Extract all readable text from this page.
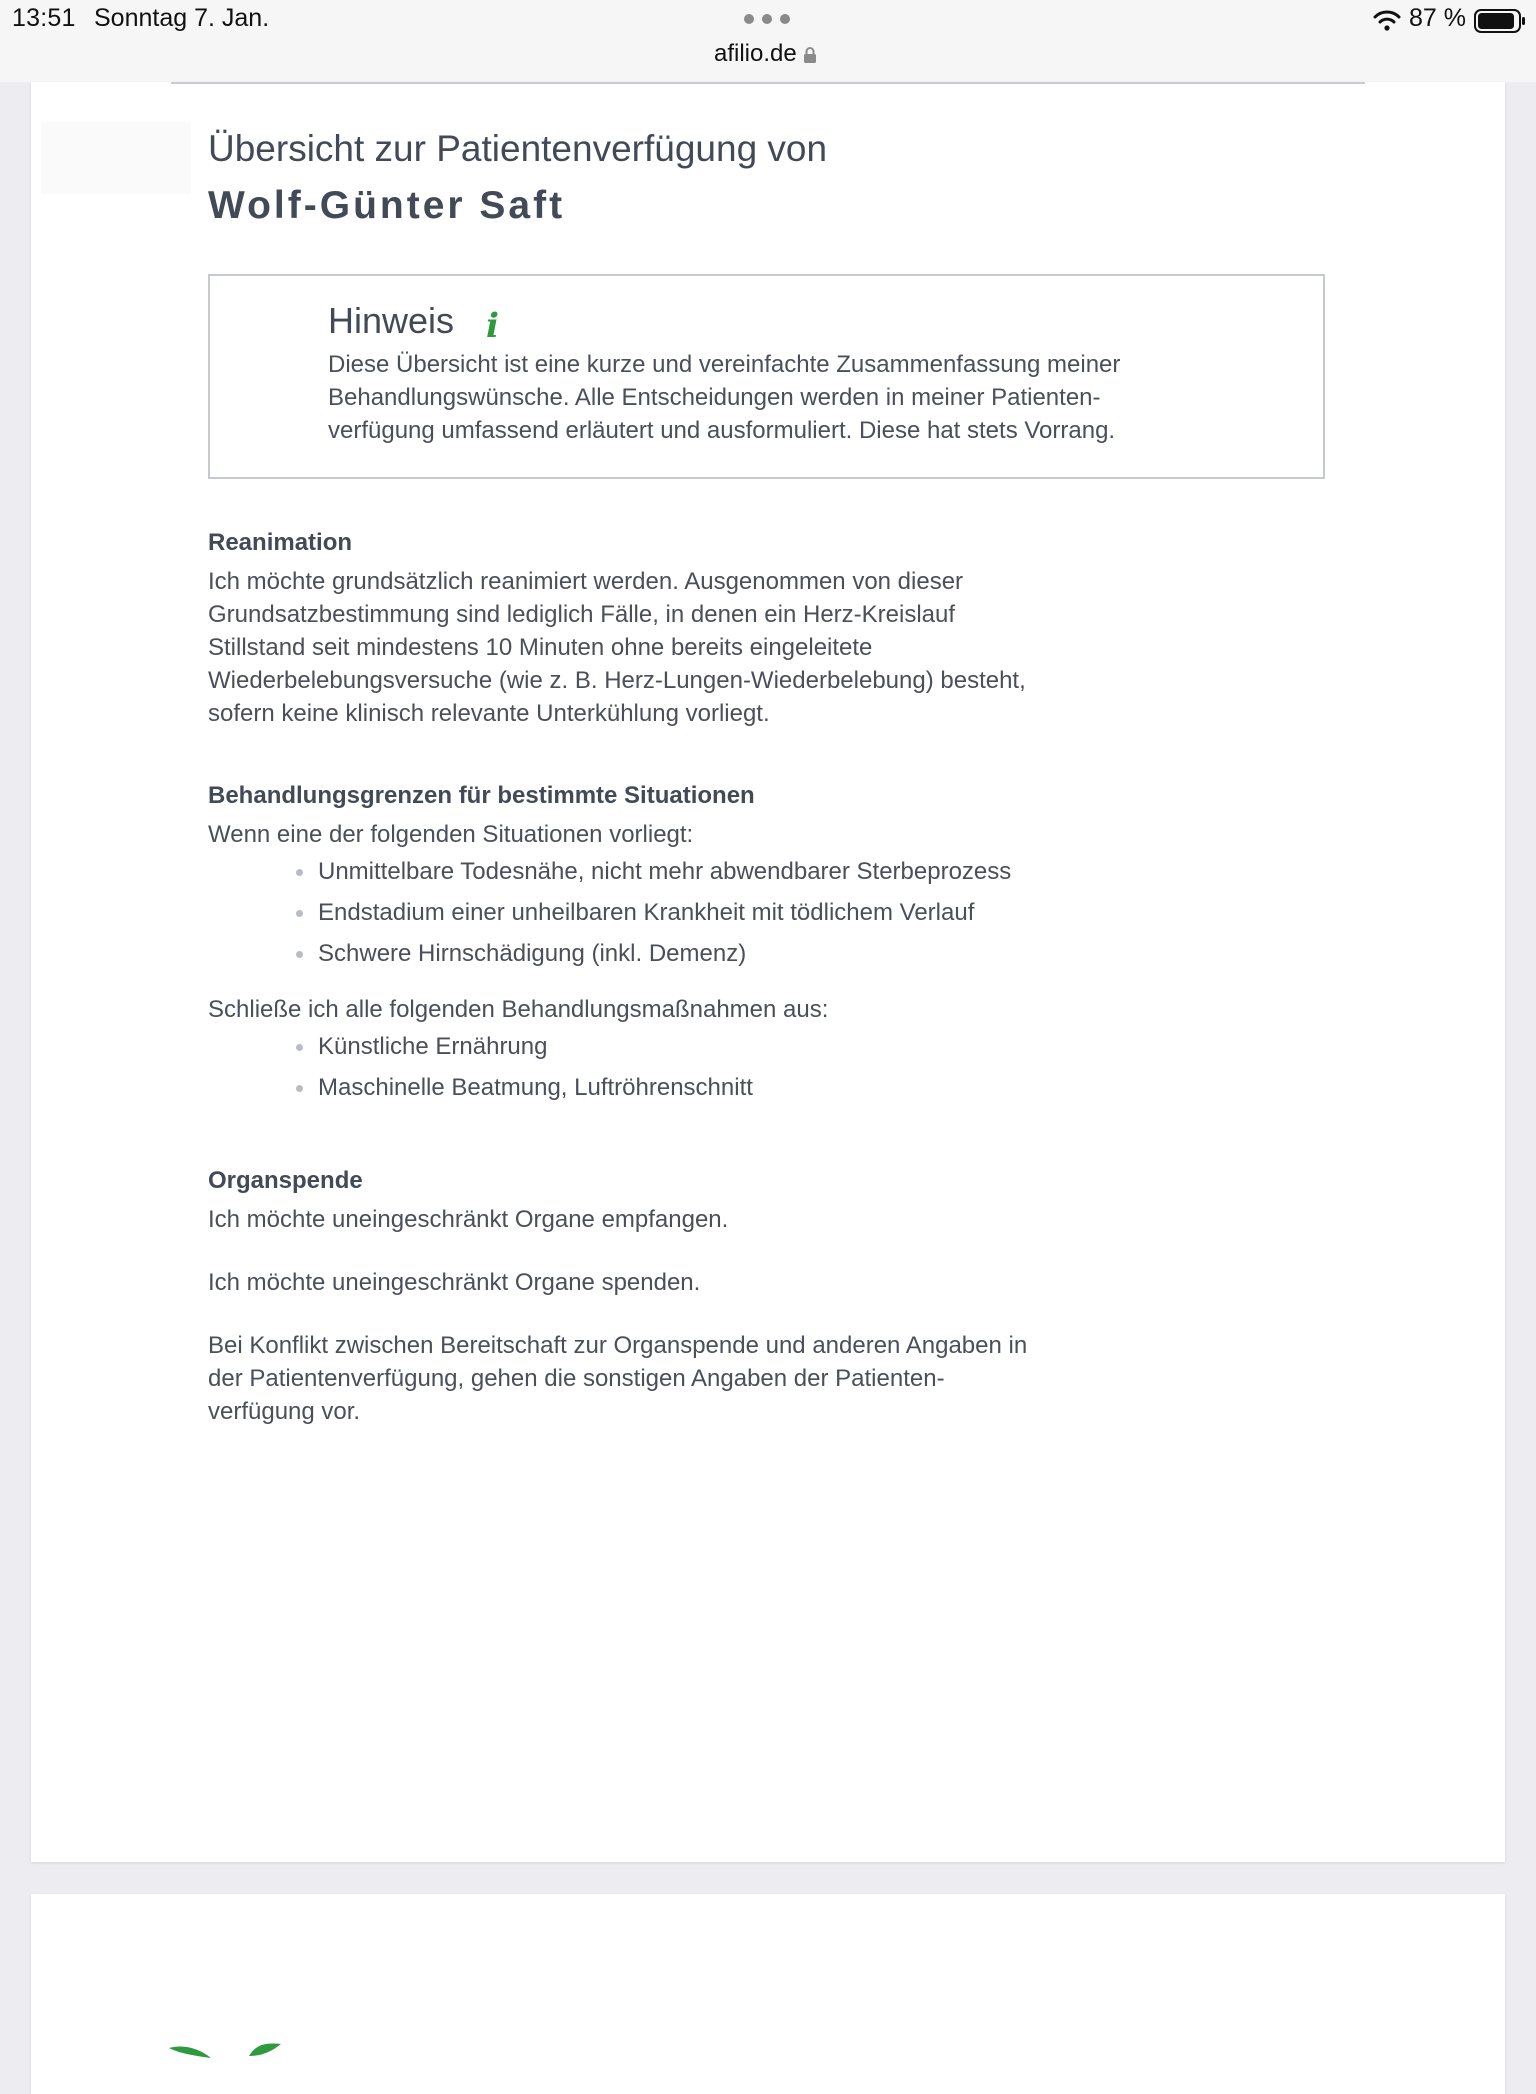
13:51 Sonntag 7. Jan.
afilio.de
87 %
Übersicht zur Patientenverfügung von
Wolf-Günter Saft
Hinweis i
Diese Übersicht ist eine kurze und vereinfachte Zusammenfassung meiner
Behandlungswünsche. Alle Entscheidungen werden in meiner Patienten-
verfügung umfassend erläutert und ausformuliert. Diese hat stets Vorrang.
Reanimation
Ich möchte grundsätzlich reanimiert werden. Ausgenommen von dieser
Grundsatzbestimmung sind lediglich Fälle, in denen ein Herz-Kreislauf
Stillstand seit mindestens 10 Minuten ohne bereits eingeleitete
Wiederbelebungsversuche (wie z. B. Herz-Lungen-Wiederbelebung) besteht,
sofern keine klinisch relevante Unterkühlung vorliegt.
Behandlungsgrenzen für bestimmte Situationen
Wenn eine der folgenden Situationen vorliegt:
Unmittelbare Todesnähe, nicht mehr abwendbarer Sterbeprozess
Endstadium einer unheilbaren Krankheit mit tödlichem Verlauf
Schwere Hirnschädigung (inkl. Demenz)
Schließe ich alle folgenden Behandlungsmaßnahmen aus:
Künstliche Ernährung
Maschinelle Beatmung, Luftröhrenschnitt
Organspende
Ich möchte uneingeschränkt Organe empfangen.
Ich möchte uneingeschränkt Organe spenden.
Bei Konflikt zwischen Bereitschaft zur Organspende und anderen Angaben in
der Patientenverfügung, gehen die sonstigen Angaben der Patienten-
verfügung vor.
